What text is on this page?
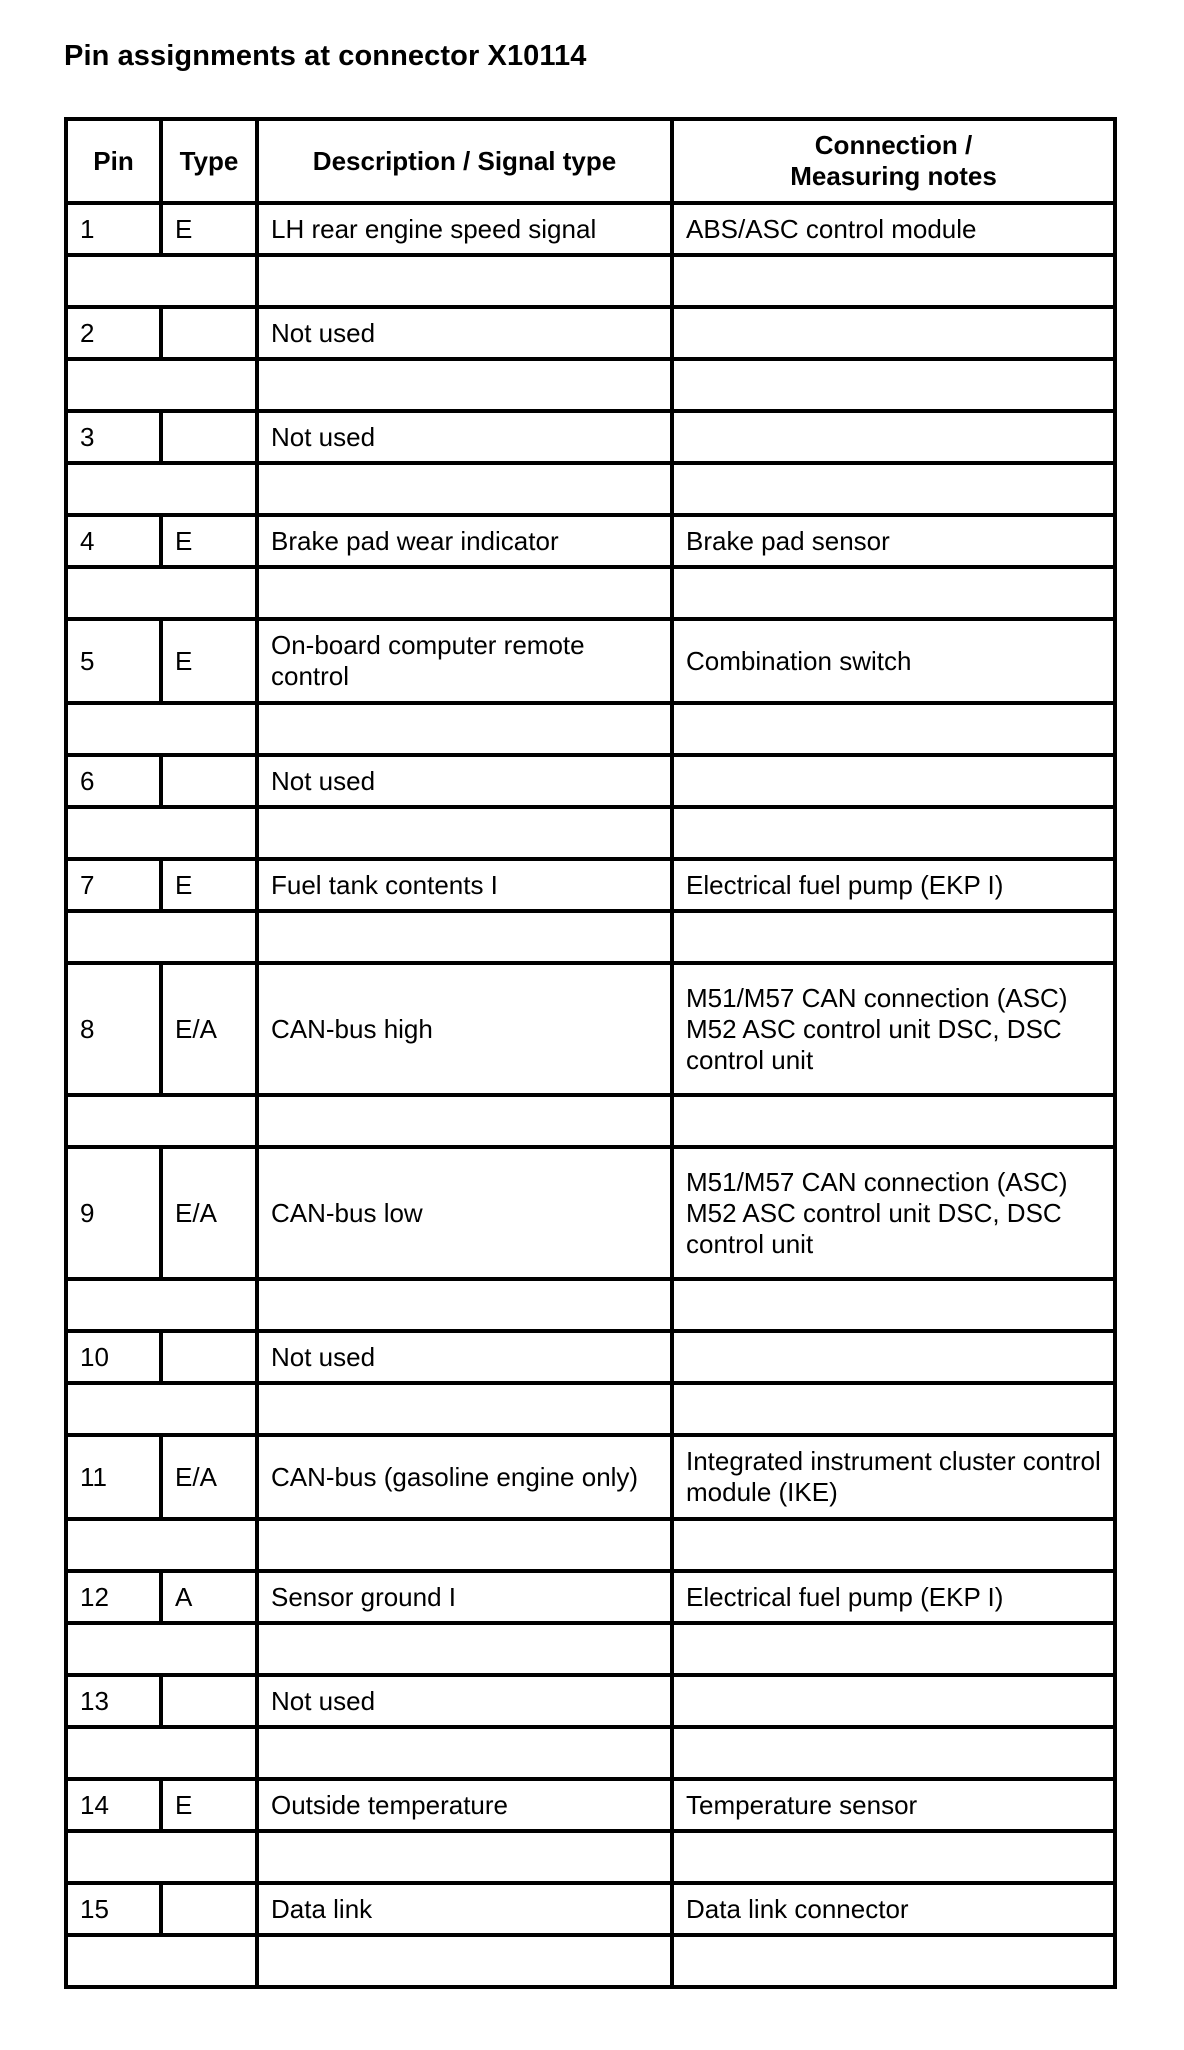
Pin assignments at connector X10114
Pin	Type	Description / Signal type	Connection /
Measuring notes
1	E	LH rear engine speed signal	ABS/ASC control module

2		Not used	

3		Not used	

4	E	Brake pad wear indicator	Brake pad sensor

5	E	On-board computer remote control	Combination switch

6		Not used	

7	E	Fuel tank contents I	Electrical fuel pump (EKP I)

8	E/A	CAN-bus high	M51/M57 CAN connection (ASC) M52 ASC control unit DSC, DSC control unit

9	E/A	CAN-bus low	M51/M57 CAN connection (ASC) M52 ASC control unit DSC, DSC control unit

10		Not used	

11	E/A	CAN-bus (gasoline engine only)	Integrated instrument cluster control module (IKE)

12	A	Sensor ground I	Electrical fuel pump (EKP I)

13		Not used	

14	E	Outside temperature	Temperature sensor

15		Data link	Data link connector
